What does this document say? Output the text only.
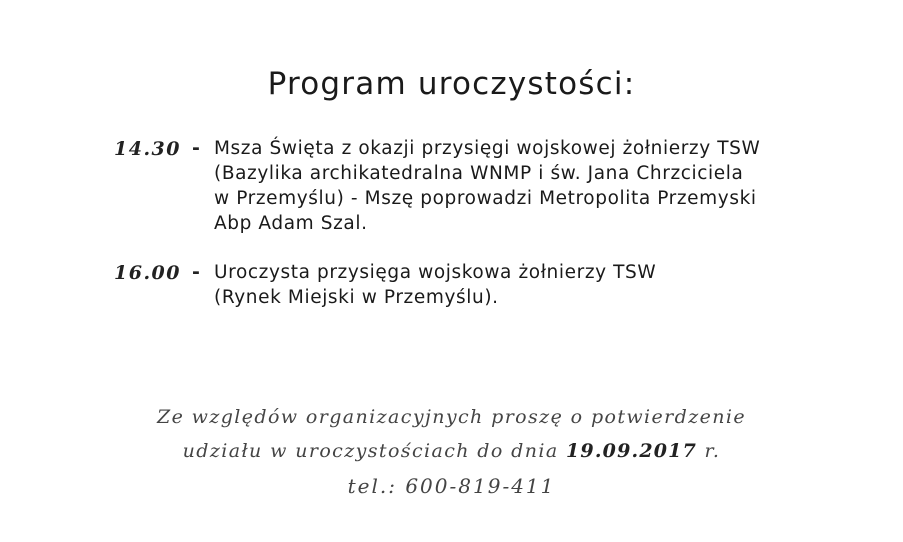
Program uroczystości:
14.30 - Msza Święta z okazji przysięgi wojskowej żołnierzy TSW
(Bazylika archikatedralna WNMP i św. Jana Chrzciciela
w Przemyślu) - Mszę poprowadzi Metropolita Przemyski
Abp Adam Szal.
16.00 - Uroczysta przysięga wojskowa żołnierzy TSW
(Rynek Miejski w Przemyślu).
Ze względów organizacyjnych proszę o potwierdzenie
udziału w uroczystościach do dnia 19.09.2017 r.
tel.: 600-819-411
